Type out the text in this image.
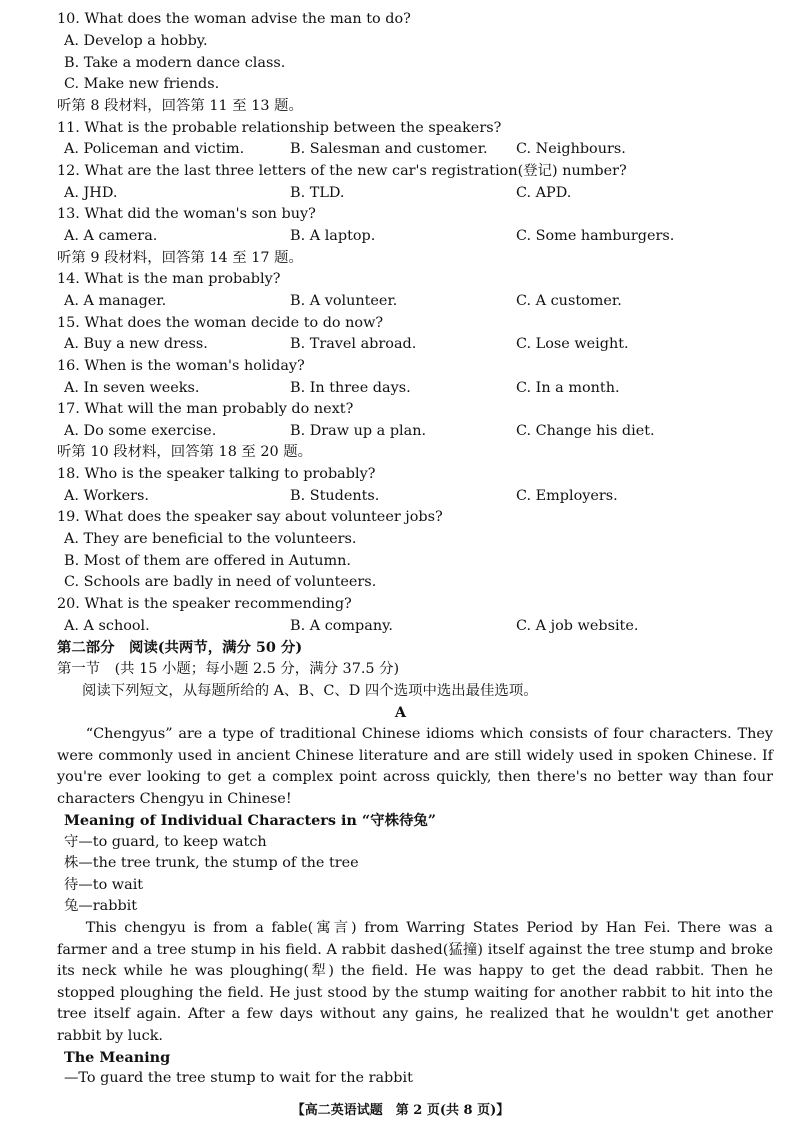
10. What does the woman advise the man to do?
A. Develop a hobby.
B. Take a modern dance class.
C. Make new friends.
听第 8 段材料，回答第 11 至 13 题。
11. What is the probable relationship between the speakers?
A. Policeman and victim.	B. Salesman and customer. C. Neighbours.
12. What are the last three letters of the new car's registration(登记) number?
A. JHD.	B. TLD.	C. APD.
13. What did the woman's son buy?
A. A camera.	B. A laptop.	C. Some hamburgers.
听第 9 段材料，回答第 14 至 17 题。
14. What is the man probably?
A. A manager.	B. A volunteer.	C. A customer.
15. What does the woman decide to do now?
A. Buy a new dress.	B. Travel abroad.	C. Lose weight.
16. When is the woman's holiday?
A. In seven weeks.	B. In three days.	C. In a month.
17. What will the man probably do next?
A. Do some exercise.	B. Draw up a plan.	C. Change his diet.
听第 10 段材料，回答第 18 至 20 题。
18. Who is the speaker talking to probably?
A. Workers.	B. Students.	C. Employers.
19. What does the speaker say about volunteer jobs?
A. They are beneficial to the volunteers.
B. Most of them are offered in Autumn.
C. Schools are badly in need of volunteers.
20. What is the speaker recommending?
A. A school.	B. A company.	C. A job website.
第二部分　阅读(共两节，满分 50 分)
第一节　(共 15 小题；每小题 2.5 分，满分 37.5 分)
阅读下列短文，从每题所给的 A、B、C、D 四个选项中选出最佳选项。
A
“Chengyus” are a type of traditional Chinese idioms which consists of four characters. They were commonly used in ancient Chinese literature and are still widely used in spoken Chinese. If you're ever looking to get a complex point across quickly, then there's no better way than four characters Chengyu in Chinese!
Meaning of Individual Characters in “守株待兔”
守—to guard, to keep watch
株—the tree trunk, the stump of the tree
待—to wait
兔—rabbit
This chengyu is from a fable(寓言) from Warring States Period by Han Fei. There was a farmer and a tree stump in his field. A rabbit dashed(猛撞) itself against the tree stump and broke its neck while he was ploughing(犁) the field. He was happy to get the dead rabbit. Then he stopped ploughing the field. He just stood by the stump waiting for another rabbit to hit into the tree itself again. After a few days without any gains, he realized that he wouldn't get another rabbit by luck.
The Meaning
—To guard the tree stump to wait for the rabbit
【高二英语试题　第 2 页(共 8 页)】
